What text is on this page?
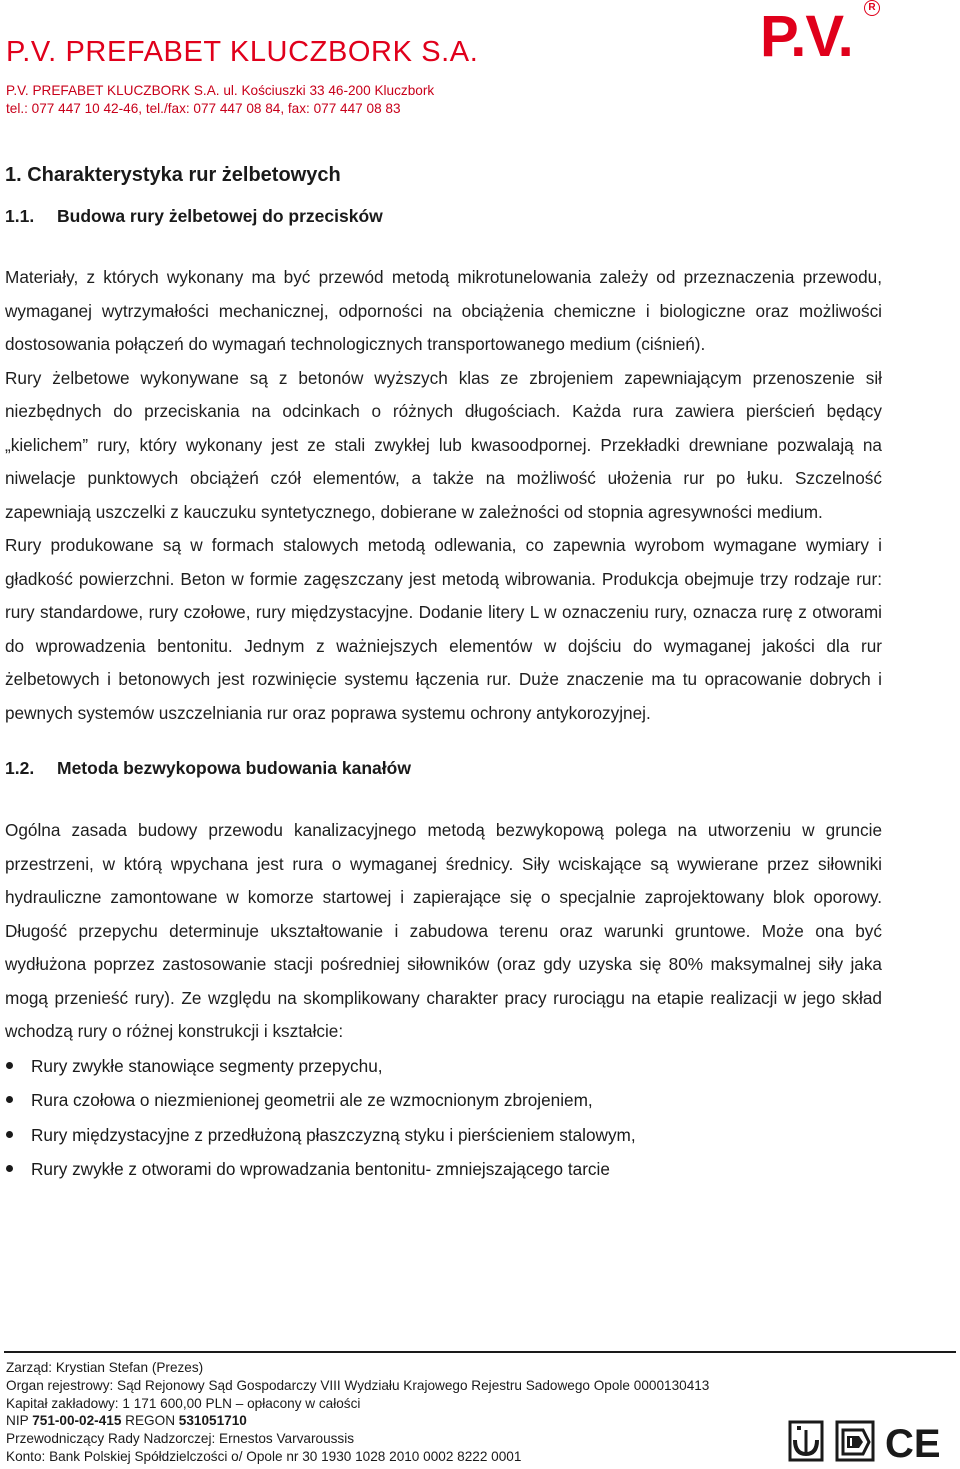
P.V. PREFABET KLUCZBORK S.A.
P.V. PREFABET KLUCZBORK S.A. ul. Kościuszki 33 46-200 Kluczbork
tel.: 077 447 10 42-46, tel./fax: 077 447 08 84, fax: 077 447 08 83
P.V.	R
1. Charakterystyka rur żelbetowych
1.1. Budowa rury żelbetowej do przecisków

Materiały, z których wykonany ma być przewód metodą mikrotunelowania zależy od przeznaczenia przewodu, wymaganej wytrzymałości mechanicznej, odporności na obciążenia chemiczne i biologiczne oraz możliwości dostosowania połączeń do wymagań technologicznych transportowanego medium (ciśnień).

Rury żelbetowe wykonywane są z betonów wyższych klas ze zbrojeniem zapewniającym przenoszenie sił niezbędnych do przeciskania na odcinkach o różnych długościach. Każda rura zawiera pierścień będący „kielichem” rury, który wykonany jest ze stali zwykłej lub kwasoodpornej. Przekładki drewniane pozwalają na niwelacje punktowych obciążeń czół elementów, a także na możliwość ułożenia rur po łuku. Szczelność zapewniają uszczelki z kauczuku syntetycznego, dobierane w zależności od stopnia agresywności medium.

Rury produkowane są w formach stalowych metodą odlewania, co zapewnia wyrobom wymagane wymiary i gładkość powierzchni. Beton w formie zagęszczany jest metodą wibrowania. Produkcja obejmuje trzy rodzaje rur: rury standardowe, rury czołowe, rury międzystacyjne. Dodanie litery L w oznaczeniu rury, oznacza rurę z otworami do wprowadzenia bentonitu. Jednym z ważniejszych elementów w dojściu do wymaganej jakości dla rur żelbetowych i betonowych jest rozwinięcie systemu łączenia rur. Duże znaczenie ma tu opracowanie dobrych i pewnych systemów uszczelniania rur oraz poprawa systemu ochrony antykorozyjnej.

1.2. Metoda bezwykopowa budowania kanałów

Ogólna zasada budowy przewodu kanalizacyjnego metodą bezwykopową polega na utworzeniu w gruncie przestrzeni, w którą wpychana jest rura o wymaganej średnicy. Siły wciskające są wywierane przez siłowniki hydrauliczne zamontowane w komorze startowej i zapierające się o specjalnie zaprojektowany blok oporowy. Długość przepychu determinuje ukształtowanie i zabudowa terenu oraz warunki gruntowe. Może ona być wydłużona poprzez zastosowanie stacji pośredniej siłowników (oraz gdy uzyska się 80% maksymalnej siły jaka mogą przenieść rury). Ze względu na skomplikowany charakter pracy rurociągu na etapie realizacji w jego skład wchodzą rury o różnej konstrukcji i kształcie:

Rury zwykłe stanowiące segmenty przepychu,
Rura czołowa o niezmienionej geometrii ale ze wzmocnionym zbrojeniem,
Rury międzystacyjne z przedłużoną płaszczyzną styku i pierścieniem stalowym,
Rury zwykłe z otworami do wprowadzania bentonitu- zmniejszającego tarcie
Zarząd: Krystian Stefan (Prezes)
Organ rejestrowy: Sąd Rejonowy Sąd Gospodarczy VIII Wydziału Krajowego Rejestru Sadowego Opole 0000130413
Kapitał zakładowy: 1 171 600,00 PLN – opłacony w całości
NIP 751-00-02-415 REGON 531051710
Przewodniczący Rady Nadzorczej: Ernestos Varvaroussis
Konto: Bank Polskiej Spółdzielczości o/ Opole nr 30 1930 1028 2010 0002 8222 0001	CE
